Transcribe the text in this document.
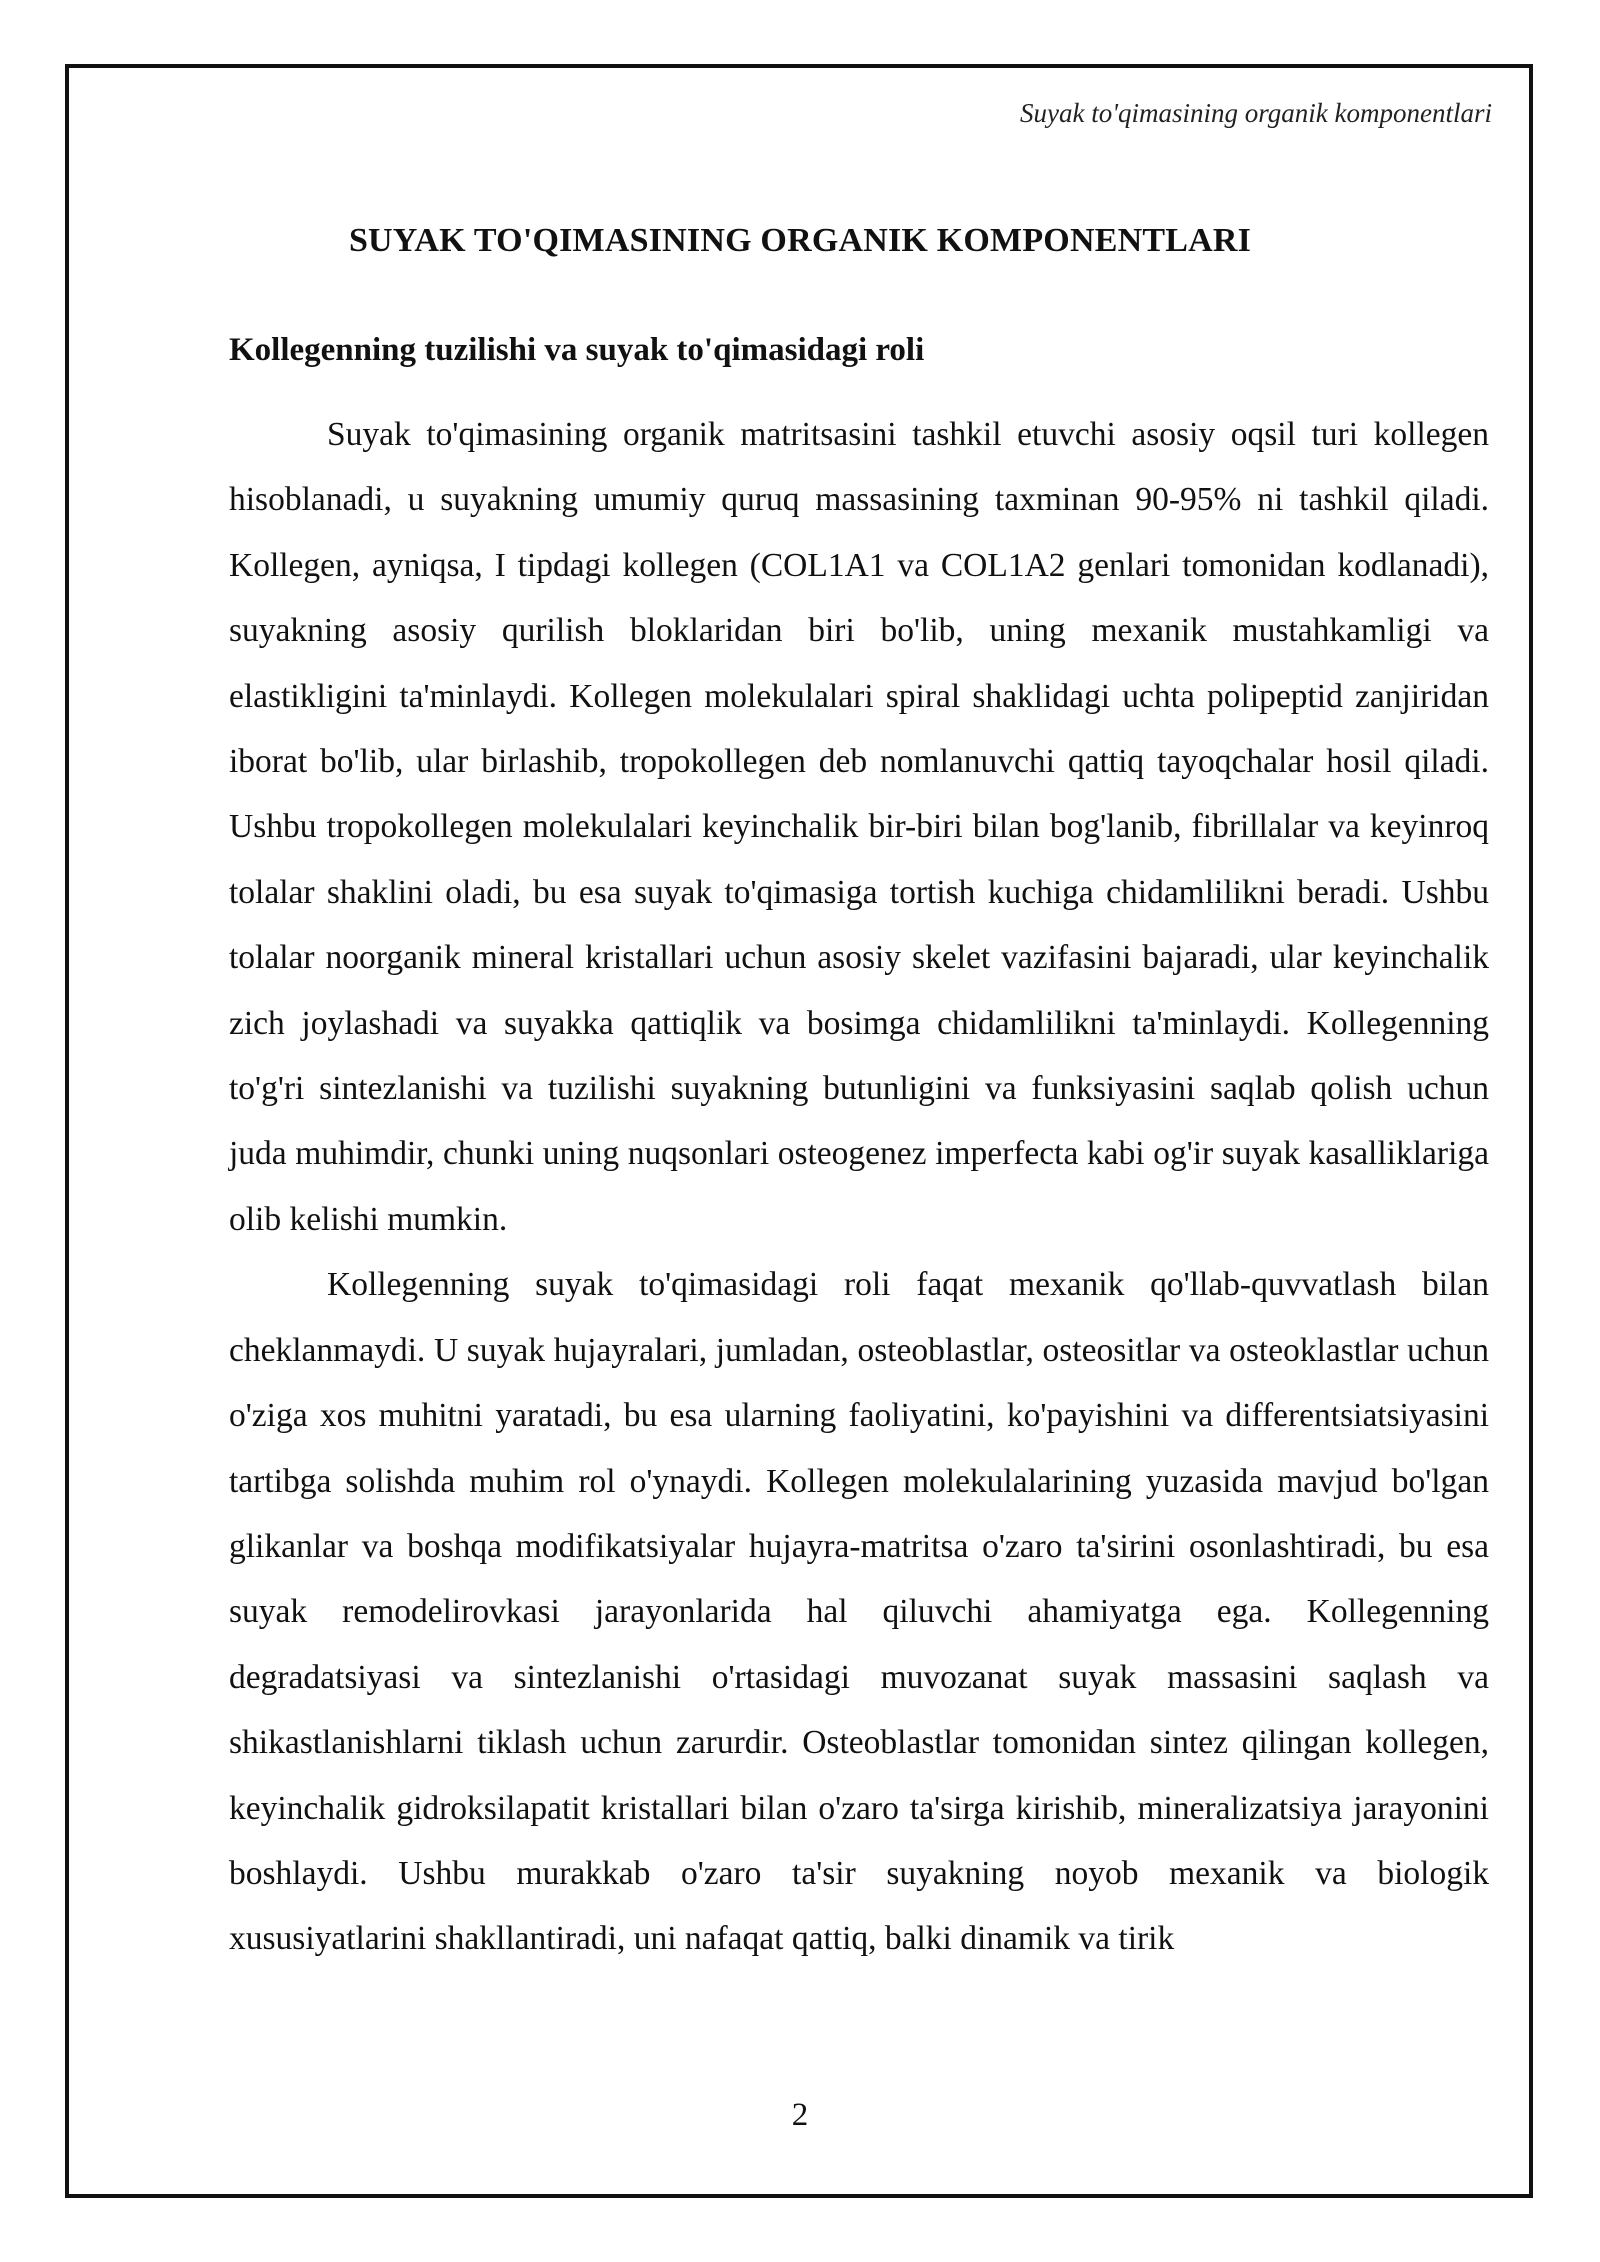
Suyak to'qimasining organik komponentlari
SUYAK TO'QIMASINING ORGANIK KOMPONENTLARI
Kollegenning tuzilishi va suyak to'qimasidagi roli

Suyak to'qimasining organik matritsasini tashkil etuvchi asosiy oqsil turi kollegen hisoblanadi, u suyakning umumiy quruq massasining taxminan 90-95% ni tashkil qiladi. Kollegen, ayniqsa, I tipdagi kollegen (COL1A1 va COL1A2 genlari tomonidan kodlanadi), suyakning asosiy qurilish bloklaridan biri bo'lib, uning mexanik mustahkamligi va elastikligini ta'minlaydi. Kollegen molekulalari spiral shaklidagi uchta polipeptid zanjiridan iborat bo'lib, ular birlashib, tropokollegen deb nomlanuvchi qattiq tayoqchalar hosil qiladi. Ushbu tropokollegen molekulalari keyinchalik bir-biri bilan bog'lanib, fibrillalar va keyinroq tolalar shaklini oladi, bu esa suyak to'qimasiga tortish kuchiga chidamlilikni beradi. Ushbu tolalar noorganik mineral kristallari uchun asosiy skelet vazifasini bajaradi, ular keyinchalik zich joylashadi va suyakka qattiqlik va bosimga chidamlilikni ta'minlaydi. Kollegenning to'g'ri sintezlanishi va tuzilishi suyakning butunligini va funksiyasini saqlab qolish uchun juda muhimdir, chunki uning nuqsonlari osteogenez imperfecta kabi og'ir suyak kasalliklariga olib kelishi mumkin.

Kollegenning suyak to'qimasidagi roli faqat mexanik qo'llab-quvvatlash bilan cheklanmaydi. U suyak hujayralari, jumladan, osteoblastlar, osteositlar va osteoklastlar uchun o'ziga xos muhitni yaratadi, bu esa ularning faoliyatini, ko'payishini va differentsiatsiyasini tartibga solishda muhim rol o'ynaydi. Kollegen molekulalarining yuzasida mavjud bo'lgan glikanlar va boshqa modifikatsiyalar hujayra-matritsa o'zaro ta'sirini osonlashtiradi, bu esa suyak remodelirovkasi jarayonlarida hal qiluvchi ahamiyatga ega. Kollegenning degradatsiyasi va sintezlanishi o'rtasidagi muvozanat suyak massasini saqlash va shikastlanishlarni tiklash uchun zarurdir. Osteoblastlar tomonidan sintez qilingan kollegen, keyinchalik gidroksilapatit kristallari bilan o'zaro ta'sirga kirishib, mineralizatsiya jarayonini boshlaydi. Ushbu murakkab o'zaro ta'sir suyakning noyob mexanik va biologik xususiyatlarini shakllantiradi, uni nafaqat qattiq, balki dinamik va tirik

2
